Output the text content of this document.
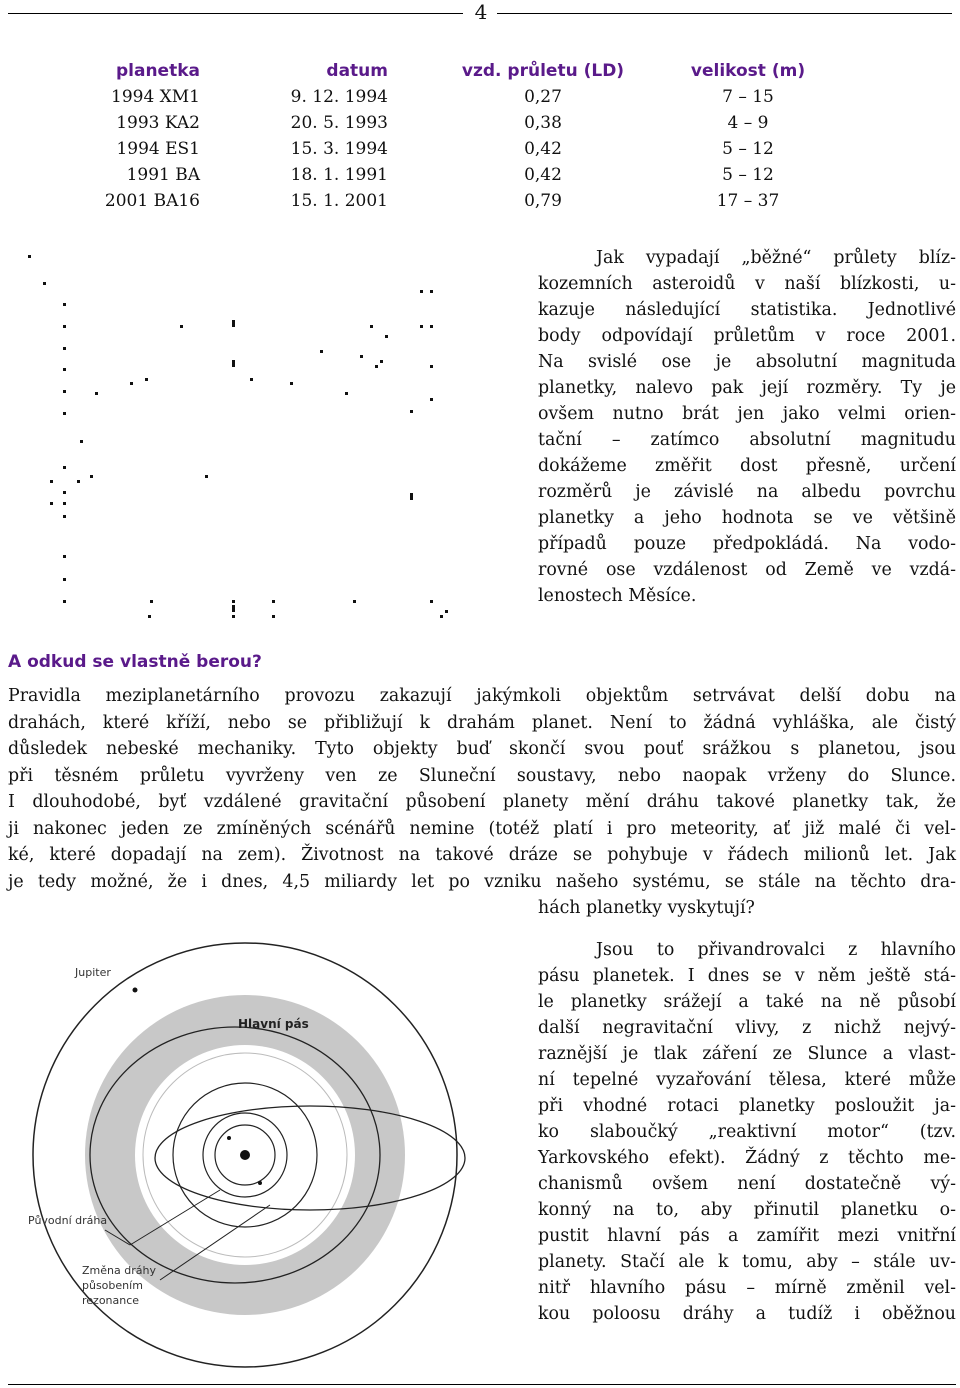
4
planetka	datum	vzd. průletu (LD)	velikost (m)
1994 XM1	9. 12. 1994	0,27	7 – 15
1993 KA2	20. 5. 1993	0,38	4 – 9
1994 ES1	15. 3. 1994	0,42	5 – 12
1991 BA	18. 1. 1991	0,42	5 – 12
2001 BA16	15. 1. 2001	0,79	17 – 37
Jak vypadají „běžné“ průlety blíz-
kozemních asteroidů v naší blízkosti, u-
kazuje následující statistika. Jednotlivé
body odpovídají průletům v roce 2001.
Na svislé ose je absolutní magnituda
planetky, nalevo pak její rozměry. Ty je
ovšem nutno brát jen jako velmi orien-
tační – zatímco absolutní magnitudu
dokážeme změřit dost přesně, určení
rozměrů je závislé na albedu povrchu
planetky a jeho hodnota se ve většině
případů pouze předpokládá. Na vodo-
rovné ose vzdálenost od Země ve vzdá-
lenostech Měsíce.
A odkud se vlastně berou?
Pravidla meziplanetárního provozu zakazují jakýmkoli objektům setrvávat delší dobu na
drahách, které kříží, nebo se přibližují k drahám planet. Není to žádná vyhláška, ale čistý
důsledek nebeské mechaniky. Tyto objekty buď skončí svou pouť srážkou s planetou, jsou
při těsném průletu vyvrženy ven ze Sluneční soustavy, nebo naopak vrženy do Slunce.
I dlouhodobé, byť vzdálené gravitační působení planety mění dráhu takové planetky tak, že
ji nakonec jeden ze zmíněných scénářů nemine (totéž platí i pro meteority, ať již malé či vel-
ké, které dopadají na zem). Životnost na takové dráze se pohybuje v řádech milionů let. Jak
je tedy možné, že i dnes, 4,5 miliardy let po vzniku našeho systému, se stále na těchto dra-
hách planetky vyskytují?
Jsou to přivandrovalci z hlavního
pásu planetek. I dnes se v něm ještě stá-
le planetky srážejí a také na ně působí
další negravitační vlivy, z nichž nejvý-
raznější je tlak záření ze Slunce a vlast-
ní tepelné vyzařování tělesa, které může
při vhodné rotaci planetky posloužit ja-
ko slaboučký „reaktivní motor“ (tzv.
Yarkovského efekt). Žádný z těchto me-
chanismů ovšem není dostatečně vý-
konný na to, aby přinutil planetku o-
pustit hlavní pás a zamířit mezi vnitřní
planety. Stačí ale k tomu, aby – stále uv-
nitř hlavního pásu – mírně změnil vel-
kou poloosu dráhy a tudíž i oběžnou
Jupiter
Hlavní pás
Původní dráha
Změna dráhy
působením
rezonance
